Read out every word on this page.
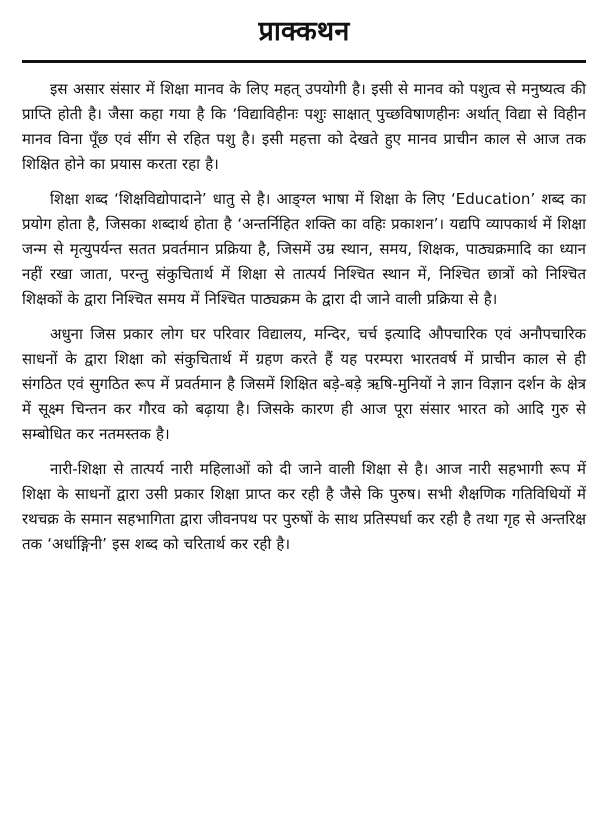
प्राक्कथन

इस असार संसार में शिक्षा मानव के लिए महत् उपयोगी है। इसी से मानव को पशुत्व से मनुष्यत्व की प्राप्ति होती है। जैसा कहा गया है कि ‘विद्याविहीनः पशुः साक्षात् पुच्छविषाणहीनः अर्थात् विद्या से विहीन मानव विना पूँछ एवं सींग से रहित पशु है। इसी महत्ता को देखते हुए मानव प्राचीन काल से आज तक शिक्षित होने का प्रयास करता रहा है।

शिक्षा शब्द ‘शिक्षविद्योपादाने’ धातु से है। आङ्ग्ल भाषा में शिक्षा के लिए ‘Education’ शब्द का प्रयोग होता है, जिसका शब्दार्थ होता है ‘अन्तर्निहित शक्ति का वहिः प्रकाशन’। यद्यपि व्यापकार्थ में शिक्षा जन्म से मृत्युपर्यन्त सतत प्रवर्तमान प्रक्रिया है, जिसमें उम्र स्थान, समय, शिक्षक, पाठ्यक्रमादि का ध्यान नहीं रखा जाता, परन्तु संकुचितार्थ में शिक्षा से तात्पर्य निश्चित स्थान में, निश्चित छात्रों को निश्चित शिक्षकों के द्वारा निश्चित समय में निश्चित पाठ्यक्रम के द्वारा दी जाने वाली प्रक्रिया से है।

अधुना जिस प्रकार लोग घर परिवार विद्यालय, मन्दिर, चर्च इत्यादि औपचारिक एवं अनौपचारिक साधनों के द्वारा शिक्षा को संकुचितार्थ में ग्रहण करते हैं यह परम्परा भारतवर्ष में प्राचीन काल से ही संगठित एवं सुगठित रूप में प्रवर्तमान है जिसमें शिक्षित बड़े-बड़े ऋषि-मुनियों ने ज्ञान विज्ञान दर्शन के क्षेत्र में सूक्ष्म चिन्तन कर गौरव को बढ़ाया है। जिसके कारण ही आज पूरा संसार भारत को आदि गुरु से सम्बोधित कर नतमस्तक है।

नारी-शिक्षा से तात्पर्य नारी महिलाओं को दी जाने वाली शिक्षा से है। आज नारी सहभागी रूप में शिक्षा के साधनों द्वारा उसी प्रकार शिक्षा प्राप्त कर रही है जैसे कि पुरुष। सभी शैक्षणिक गतिविधियों में रथचक्र के समान सहभागिता द्वारा जीवनपथ पर पुरुषों के साथ प्रतिस्पर्धा कर रही है तथा गृह से अन्तरिक्ष तक ‘अर्धाङ्गिनी’ इस शब्द को चरितार्थ कर रही है।
